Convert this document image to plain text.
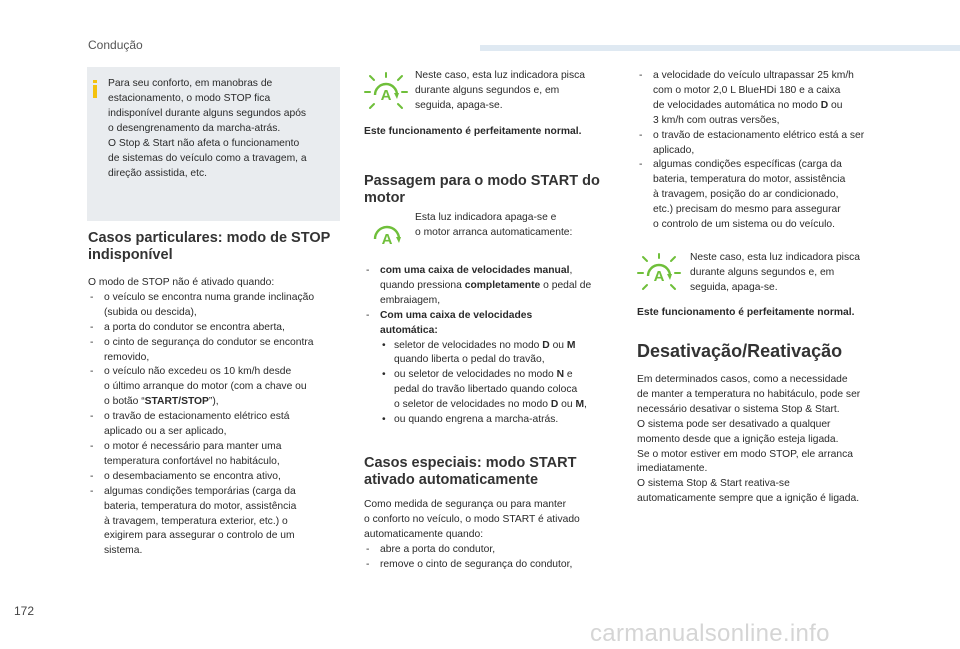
Condução
172
carmanualsonline.info
Para seu conforto, em manobras de
estacionamento, o modo STOP fica
indisponível durante alguns segundos após
o desengrenamento da marcha-atrás.
O Stop & Start não afeta o funcionamento
de sistemas do veículo como a travagem, a
direção assistida, etc.
Casos particulares: modo de STOP
indisponível
O modo de STOP não é ativado quando:
- o veículo se encontra numa grande inclinação
(subida ou descida),
- a porta do condutor se encontra aberta,
- o cinto de segurança do condutor se encontra
removido,
- o veículo não excedeu os 10 km/h desde
o último arranque do motor (com a chave ou
o botão “START/STOP”),
- o travão de estacionamento elétrico está
aplicado ou a ser aplicado,
- o motor é necessário para manter uma
temperatura confortável no habitáculo,
- o desembaciamento se encontra ativo,
- algumas condições temporárias (carga da
bateria, temperatura do motor, assistência
à travagem, temperatura exterior, etc.) o
exigirem para assegurar o controlo de um
sistema.
A
Neste caso, esta luz indicadora pisca
durante alguns segundos e, em
seguida, apaga-se.
Este funcionamento é perfeitamente normal.
Passagem para o modo START do
motor
A
Esta luz indicadora apaga-se e
o motor arranca automaticamente:
- com uma caixa de velocidades manual,
quando pressiona completamente o pedal de
embraiagem,
- Com uma caixa de velocidades
automática:
• seletor de velocidades no modo D ou M
quando liberta o pedal do travão,
• ou seletor de velocidades no modo N e
pedal do travão libertado quando coloca
o seletor de velocidades no modo D ou M,
• ou quando engrena a marcha-atrás.
Casos especiais: modo START
ativado automaticamente
Como medida de segurança ou para manter
o conforto no veículo, o modo START é ativado
automaticamente quando:
- abre a porta do condutor,
- remove o cinto de segurança do condutor,
- a velocidade do veículo ultrapassar 25 km/h
com o motor 2,0 L BlueHDi 180 e a caixa
de velocidades automática no modo D ou
3 km/h com outras versões,
- o travão de estacionamento elétrico está a ser
aplicado,
- algumas condições específicas (carga da
bateria, temperatura do motor, assistência
à travagem, posição do ar condicionado,
etc.) precisam do mesmo para assegurar
o controlo de um sistema ou do veículo.
A
Neste caso, esta luz indicadora pisca
durante alguns segundos e, em
seguida, apaga-se.
Este funcionamento é perfeitamente normal.
Desativação/Reativação
Em determinados casos, como a necessidade
de manter a temperatura no habitáculo, pode ser
necessário desativar o sistema Stop & Start.
O sistema pode ser desativado a qualquer
momento desde que a ignição esteja ligada.
Se o motor estiver em modo STOP, ele arranca
imediatamente.
O sistema Stop & Start reativa-se
automaticamente sempre que a ignição é ligada.
